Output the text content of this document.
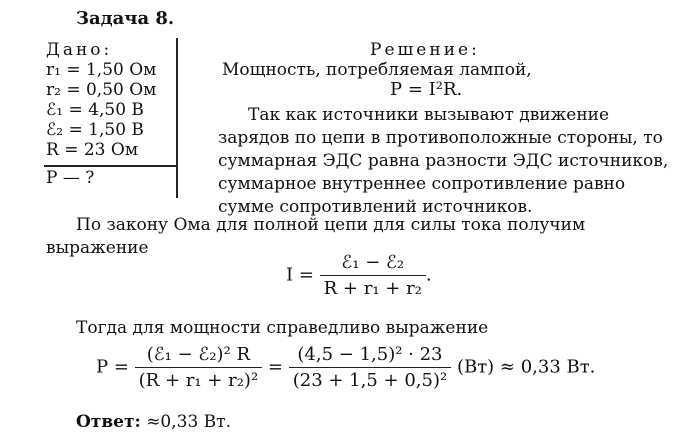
Задача 8.
Дано:
r₁ = 1,50 Ом
r₂ = 0,50 Ом
ℰ₁ = 4,50 В
ℰ₂ = 1,50 В
R = 23 Ом
P — ?
Решение:
Мощность, потребляемая лампой,
P = I²R.
Так как источники вызывают движение зарядов по цепи в противоположные стороны, то суммарная ЭДС равна разности ЭДС источников, суммарное внутреннее сопротивление равно сумме сопротивлений источников.
По закону Ома для полной цепи для силы тока получим выражение
$I = \frac{\text{ℰ₁ − ℰ₂}}{\text{R + r₁ + r₂}}$ .
Тогда для мощности справедливо выражение
$P = \frac{\text{(ℰ₁ − ℰ₂)² R}}{\text{(R + r₁ + r₂)²}} = \frac{\text{(4,5 − 1,5)² · 23}}{\text{(23 + 1,5 + 0,5)²}} (Вт) \approx 0,33$ Вт.
Ответ: ≈0,33 Вт.
